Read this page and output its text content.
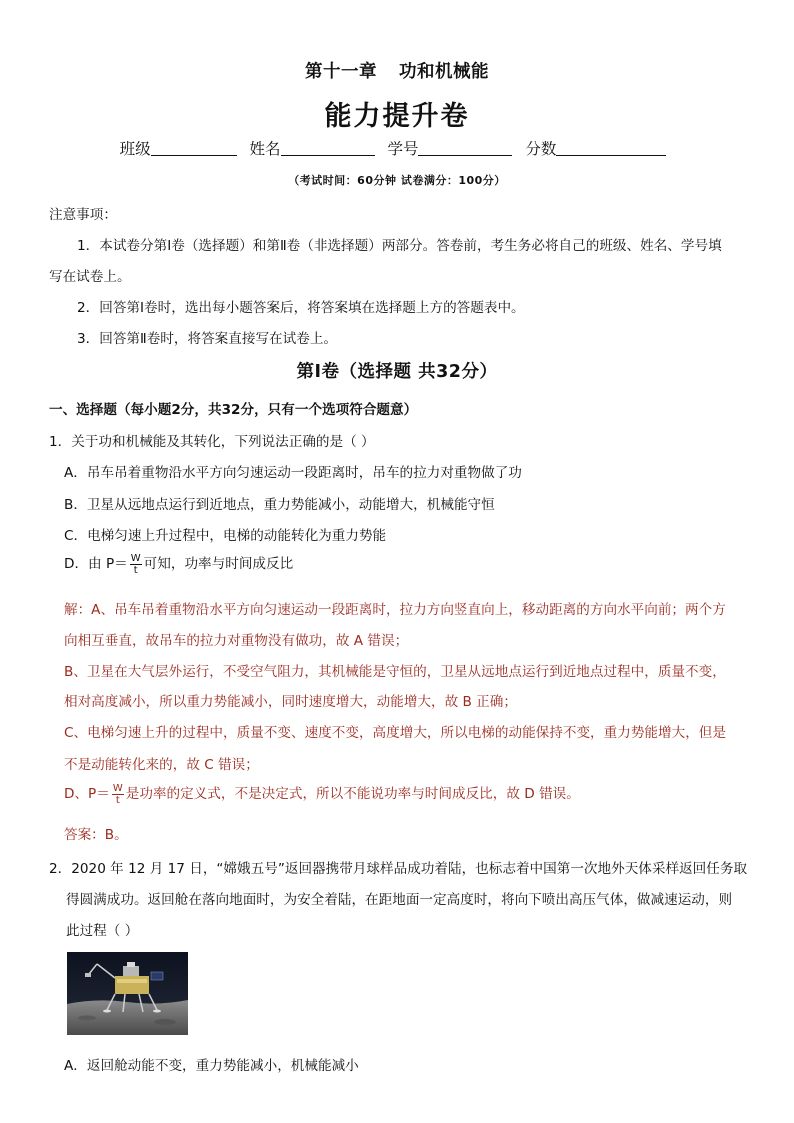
第十一章 功和机械能
能力提升卷
班级	姓名	学号	分数
（考试时间：60分钟 试卷满分：100分）
注意事项：
1．本试卷分第Ⅰ卷（选择题）和第Ⅱ卷（非选择题）两部分。答卷前，考生务必将自己的班级、姓名、学号填
写在试卷上。
2．回答第Ⅰ卷时，选出每小题答案后，将答案填在选择题上方的答题表中。
3．回答第Ⅱ卷时，将答案直接写在试卷上。
第Ⅰ卷（选择题 共32分）
一、选择题（每小题2分，共32分，只有一个选项符合题意）
1．关于功和机械能及其转化，下列说法正确的是（ ）
A．吊车吊着重物沿水平方向匀速运动一段距离时，吊车的拉力对重物做了功
B．卫星从远地点运行到近地点，重力势能减小，动能增大，机械能守恒
C．电梯匀速上升过程中，电梯的动能转化为重力势能
D．由 $P= \frac{W}{t}$ 可知，功率与时间成反比
解：A、吊车吊着重物沿水平方向匀速运动一段距离时，拉力方向竖直向上，移动距离的方向水平向前；两个方
向相互垂直，故吊车的拉力对重物没有做功，故 A 错误；
B、卫星在大气层外运行，不受空气阻力，其机械能是守恒的，卫星从远地点运行到近地点过程中，质量不变，
相对高度减小，所以重力势能减小，同时速度增大，动能增大，故 B 正确；
C、电梯匀速上升的过程中，质量不变、速度不变，高度增大，所以电梯的动能保持不变，重力势能增大，但是
不是动能转化来的，故 C 错误；
D、$P= \frac{W}{t}$ 是功率的定义式，不是决定式，所以不能说功率与时间成反比，故 D 错误。
答案：B。
2．2020 年 12 月 17 日，“嫦娥五号”返回器携带月球样品成功着陆，也标志着中国第一次地外天体采样返回任务取
得圆满成功。返回舱在落向地面时，为安全着陆，在距地面一定高度时，将向下喷出高压气体，做减速运动，则
此过程（ ）
A．返回舱动能不变，重力势能减小，机械能减小
